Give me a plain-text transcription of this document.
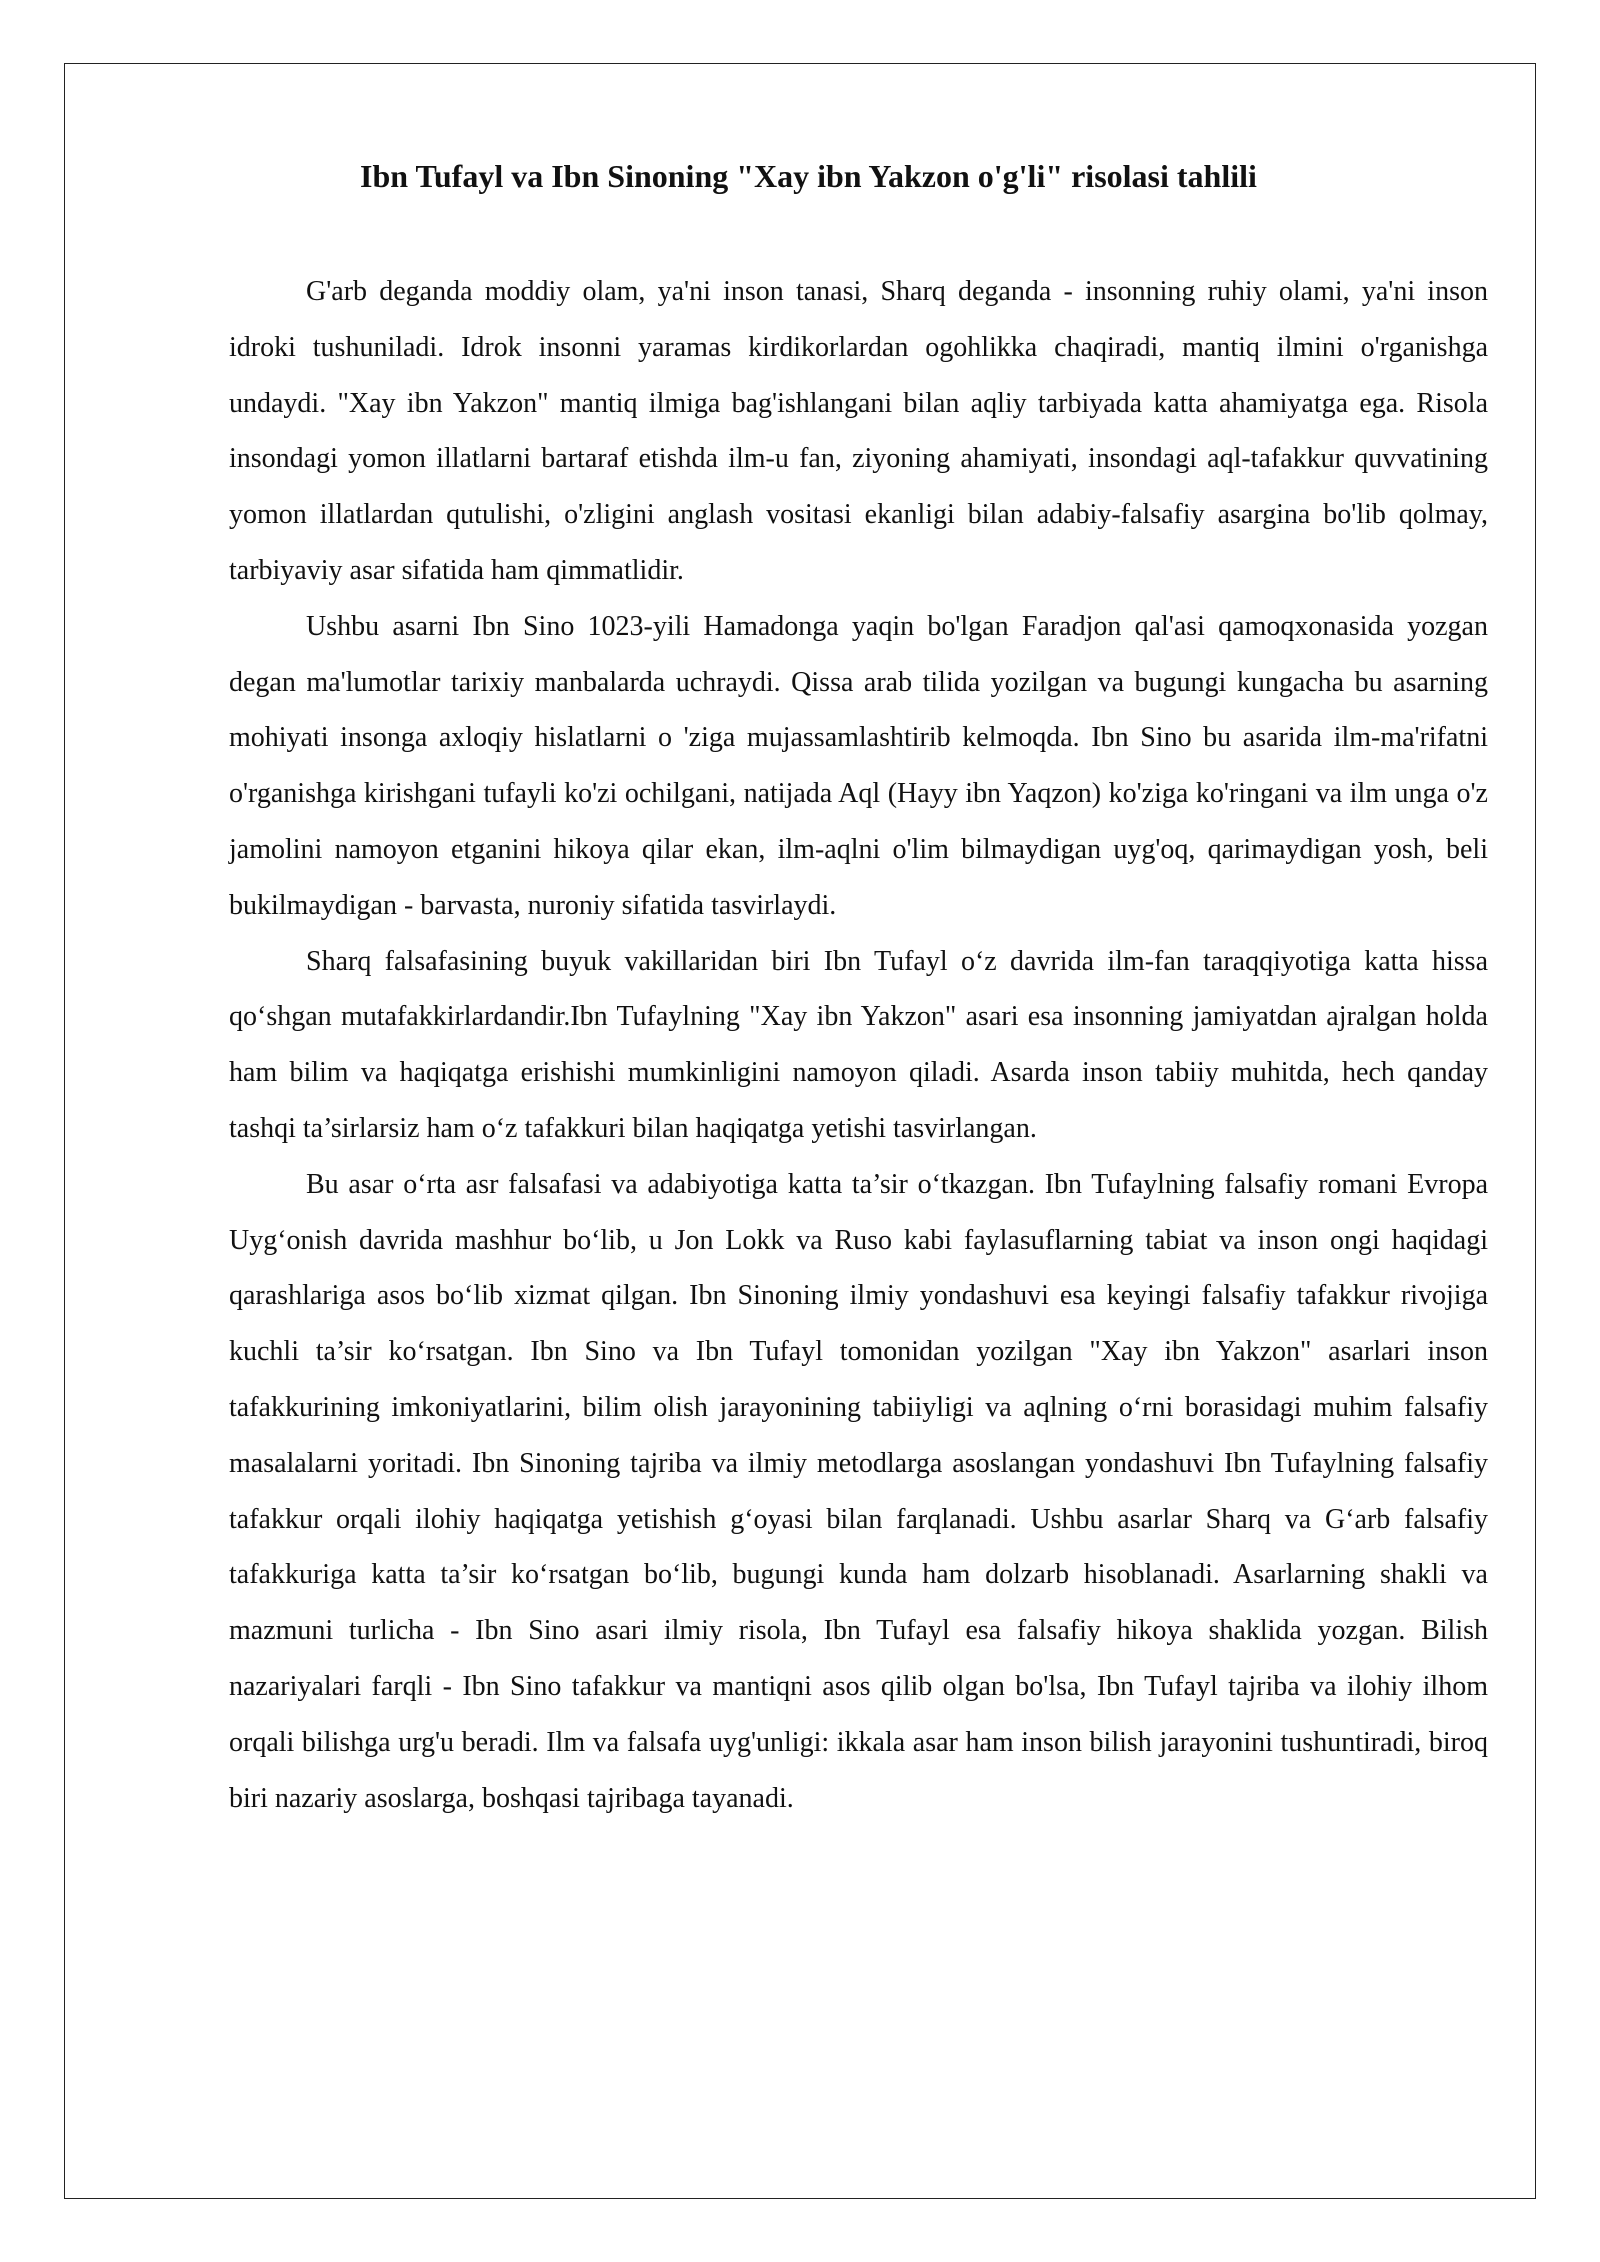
Ibn Tufayl va Ibn Sinoning "Xay ibn Yakzon o'g'li" risolasi tahlili

G'arb deganda moddiy olam, ya'ni inson tanasi, Sharq deganda - insonning ruhiy olami, ya'ni inson idroki tushuniladi. Idrok insonni yaramas kirdikorlardan ogohlikka chaqiradi, mantiq ilmini o'rganishga undaydi. "Xay ibn Yakzon" mantiq ilmiga bag'ishlangani bilan aqliy tarbiyada katta ahamiyatga ega. Risola insondagi yomon illatlarni bartaraf etishda ilm-u fan, ziyoning ahamiyati, insondagi aql-tafakkur quvvatining yomon illatlardan qutulishi, o'zligini anglash vositasi ekanligi bilan adabiy-falsafiy asargina bo'lib qolmay, tarbiyaviy asar sifatida ham qimmatlidir.

Ushbu asarni Ibn Sino 1023-yili Hamadonga yaqin bo'lgan Faradjon qal'asi qamoqxonasida yozgan degan ma'lumotlar tarixiy manbalarda uchraydi. Qissa arab tilida yozilgan va bugungi kungacha bu asarning mohiyati insonga axloqiy hislatlarni o 'ziga mujassamlashtirib kelmoqda. Ibn Sino bu asarida ilm-ma'rifatni o'rganishga kirishgani tufayli ko'zi ochilgani, natijada Aql (Hayy ibn Yaqzon) ko'ziga ko'ringani va ilm unga o'z jamolini namoyon etganini hikoya qilar ekan, ilm-aqlni o'lim bilmaydigan uyg'oq, qarimaydigan yosh, beli bukilmaydigan - barvasta, nuroniy sifatida tasvirlaydi.

Sharq falsafasining buyuk vakillaridan biri Ibn Tufayl o‘z davrida ilm-fan taraqqiyotiga katta hissa qo‘shgan mutafakkirlardandir.Ibn Tufaylning "Xay ibn Yakzon" asari esa insonning jamiyatdan ajralgan holda ham bilim va haqiqatga erishishi mumkinligini namoyon qiladi. Asarda inson tabiiy muhitda, hech qanday tashqi ta’sirlarsiz ham o‘z tafakkuri bilan haqiqatga yetishi tasvirlangan.

Bu asar o‘rta asr falsafasi va adabiyotiga katta ta’sir o‘tkazgan. Ibn Tufaylning falsafiy romani Evropa Uyg‘onish davrida mashhur bo‘lib, u Jon Lokk va Ruso kabi faylasuflarning tabiat va inson ongi haqidagi qarashlariga asos bo‘lib xizmat qilgan. Ibn Sinoning ilmiy yondashuvi esa keyingi falsafiy tafakkur rivojiga kuchli ta’sir ko‘rsatgan. Ibn Sino va Ibn Tufayl tomonidan yozilgan "Xay ibn Yakzon" asarlari inson tafakkurining imkoniyatlarini, bilim olish jarayonining tabiiyligi va aqlning o‘rni borasidagi muhim falsafiy masalalarni yoritadi. Ibn Sinoning tajriba va ilmiy metodlarga asoslangan yondashuvi Ibn Tufaylning falsafiy tafakkur orqali ilohiy haqiqatga yetishish g‘oyasi bilan farqlanadi. Ushbu asarlar Sharq va G‘arb falsafiy tafakkuriga katta ta’sir ko‘rsatgan bo‘lib, bugungi kunda ham dolzarb hisoblanadi. Asarlarning shakli va mazmuni turlicha - Ibn Sino asari ilmiy risola, Ibn Tufayl esa falsafiy hikoya shaklida yozgan. Bilish nazariyalari farqli - Ibn Sino tafakkur va mantiqni asos qilib olgan bo'lsa, Ibn Tufayl tajriba va ilohiy ilhom orqali bilishga urg'u beradi. Ilm va falsafa uyg'unligi: ikkala asar ham inson bilish jarayonini tushuntiradi, biroq biri nazariy asoslarga, boshqasi tajribaga tayanadi.
